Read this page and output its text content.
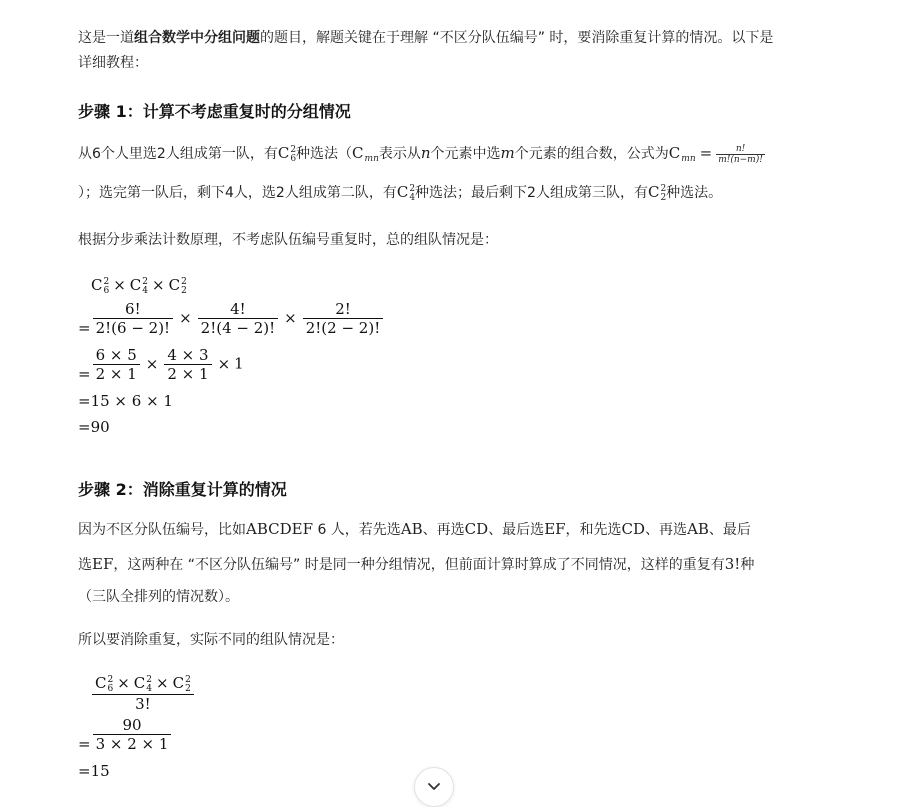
这是一道组合数学中分组问题的题目，解题关键在于理解 “不区分队伍编号” 时，要消除重复计算的情况。以下是
详细教程：
步骤 1：计算不考虑重复时的分组情况
从6个人里选2人组成第一队，有C 2
6 种选法（Cmn表示从n个元素中选m个元素的组合数，公式为Cmn = $\frac{n!}{m!(n-m)!}$
）；选完第一队后，剩下4人，选2人组成第二队，有C 2
4 种选法；最后剩下2人组成第三队，有C 2
2 种选法。
根据分步乘法计数原理，不考虑队伍编号重复时，总的组队情况是：
C 2
6 × C 2
4 × C 2
2
= $\frac{6!}{2!(6 - 2)!} \times \frac{4!}{2!(4 - 2)!} \times \frac{2!}{2!(2 - 2)!}$
= $\frac{6 \times 5}{2 \times 1} \times \frac{4 \times 3}{2 \times 1} \times 1$
=15 × 6 × 1
=90
步骤 2：消除重复计算的情况
因为不区分队伍编号，比如ABCDEF 6 人，若先选AB、再选CD、最后选EF，和先选CD、再选AB、最后
选EF，这两种在 “不区分队伍编号” 时是同一种分组情况，但前面计算时算成了不同情况，这样的重复有3!种
（三队全排列的情况数）。
所以要消除重复，实际不同的组队情况是：
C 2
6 × C 2
4 × C 2
2
3!
= $\frac{90}{3 \times 2 \times 1}$
=15
